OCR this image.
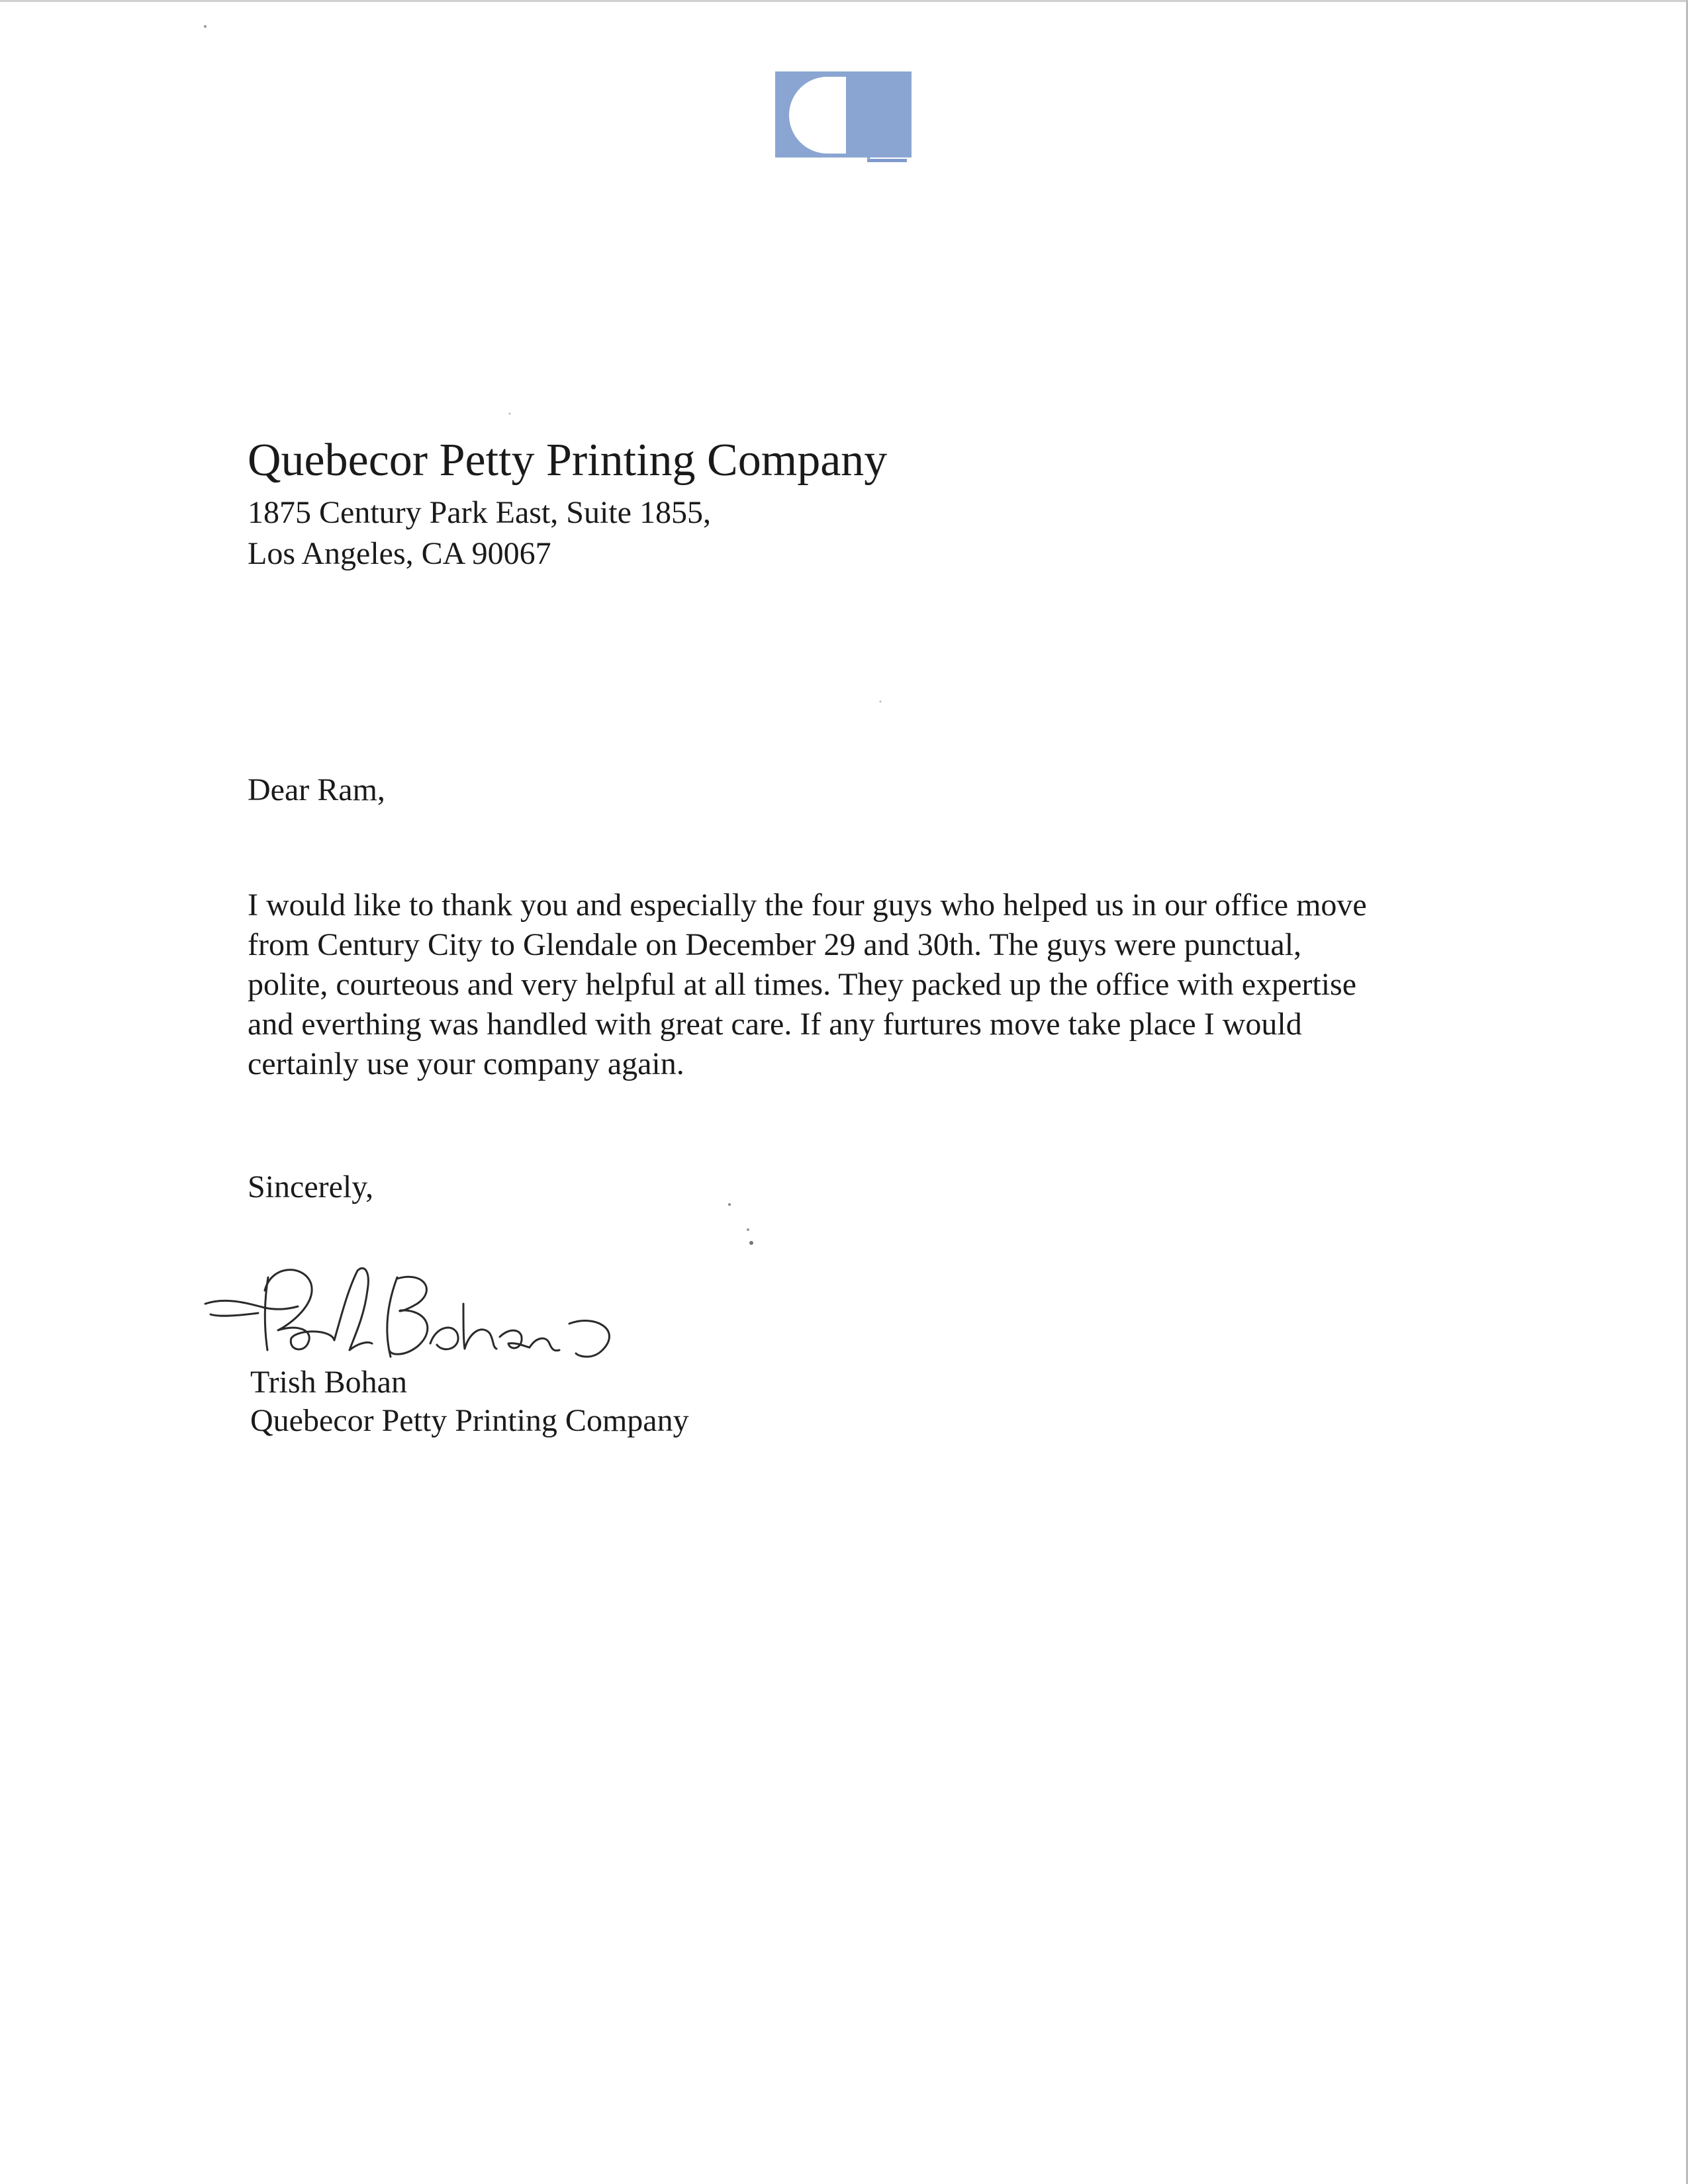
Quebecor Petty Printing Company
1875 Century Park East, Suite 1855,
Los Angeles, CA 90067
Dear Ram,
I would like to thank you and especially the four guys who helped us in our office move
from Century City to Glendale on December 29 and 30th. The guys were punctual,
polite, courteous and very helpful at all times. They packed up the office with expertise
and everthing was handled with great care. If any furtures move take place I would
certainly use your company again.
Sincerely,
Trish Bohan
Quebecor Petty Printing Company
